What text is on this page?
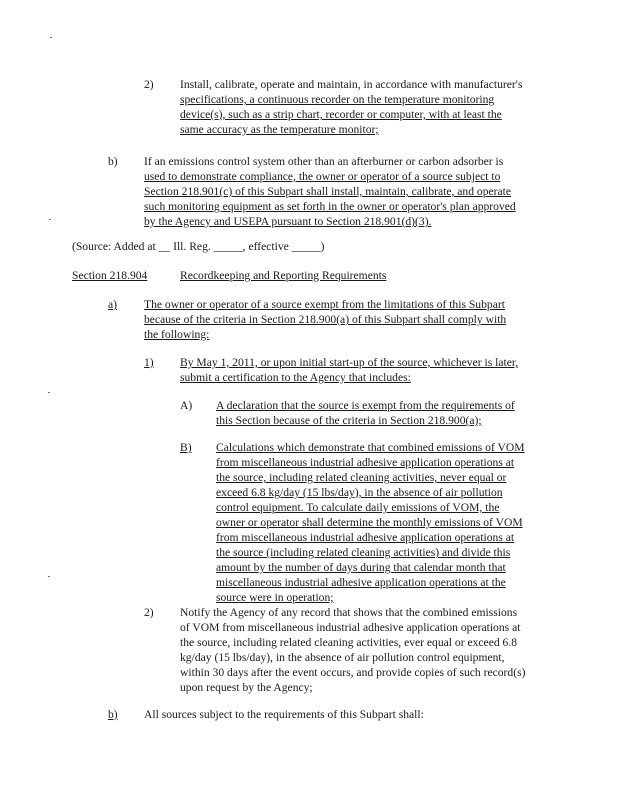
2) Install, calibrate, operate and maintain, in accordance with manufacturer's
specifications, a continuous recorder on the temperature monitoring
device(s), such as a strip chart, recorder or computer, with at least the
same accuracy as the temperature monitor;
b) If an emissions control system other than an afterburner or carbon adsorber is
used to demonstrate compliance, the owner or operator of a source subject to
Section 218.901(c) of this Subpart shall install, maintain, calibrate, and operate
such monitoring equipment as set forth in the owner or operator's plan approved
by the Agency and USEPA pursuant to Section 218.901(d)(3).
(Source: Added at __ Ill. Reg. _____, effective _____)
Section 218.904	Recordkeeping and Reporting Requirements
a) The owner or operator of a source exempt from the limitations of this Subpart
because of the criteria in Section 218.900(a) of this Subpart shall comply with
the following:
1) By May 1, 2011, or upon initial start-up of the source, whichever is later,
submit a certification to the Agency that includes:
A) A declaration that the source is exempt from the requirements of
this Section because of the criteria in Section 218.900(a);
B) Calculations which demonstrate that combined emissions of VOM
from miscellaneous industrial adhesive application operations at
the source, including related cleaning activities, never equal or
exceed 6.8 kg/day (15 lbs/day), in the absence of air pollution
control equipment. To calculate daily emissions of VOM, the
owner or operator shall determine the monthly emissions of VOM
from miscellaneous industrial adhesive application operations at
the source (including related cleaning activities) and divide this
amount by the number of days during that calendar month that
miscellaneous industrial adhesive application operations at the
source were in operation;
2) Notify the Agency of any record that shows that the combined emissions
of VOM from miscellaneous industrial adhesive application operations at
the source, including related cleaning activities, ever equal or exceed 6.8
kg/day (15 lbs/day), in the absence of air pollution control equipment,
within 30 days after the event occurs, and provide copies of such record(s)
upon request by the Agency;
b) All sources subject to the requirements of this Subpart shall:
